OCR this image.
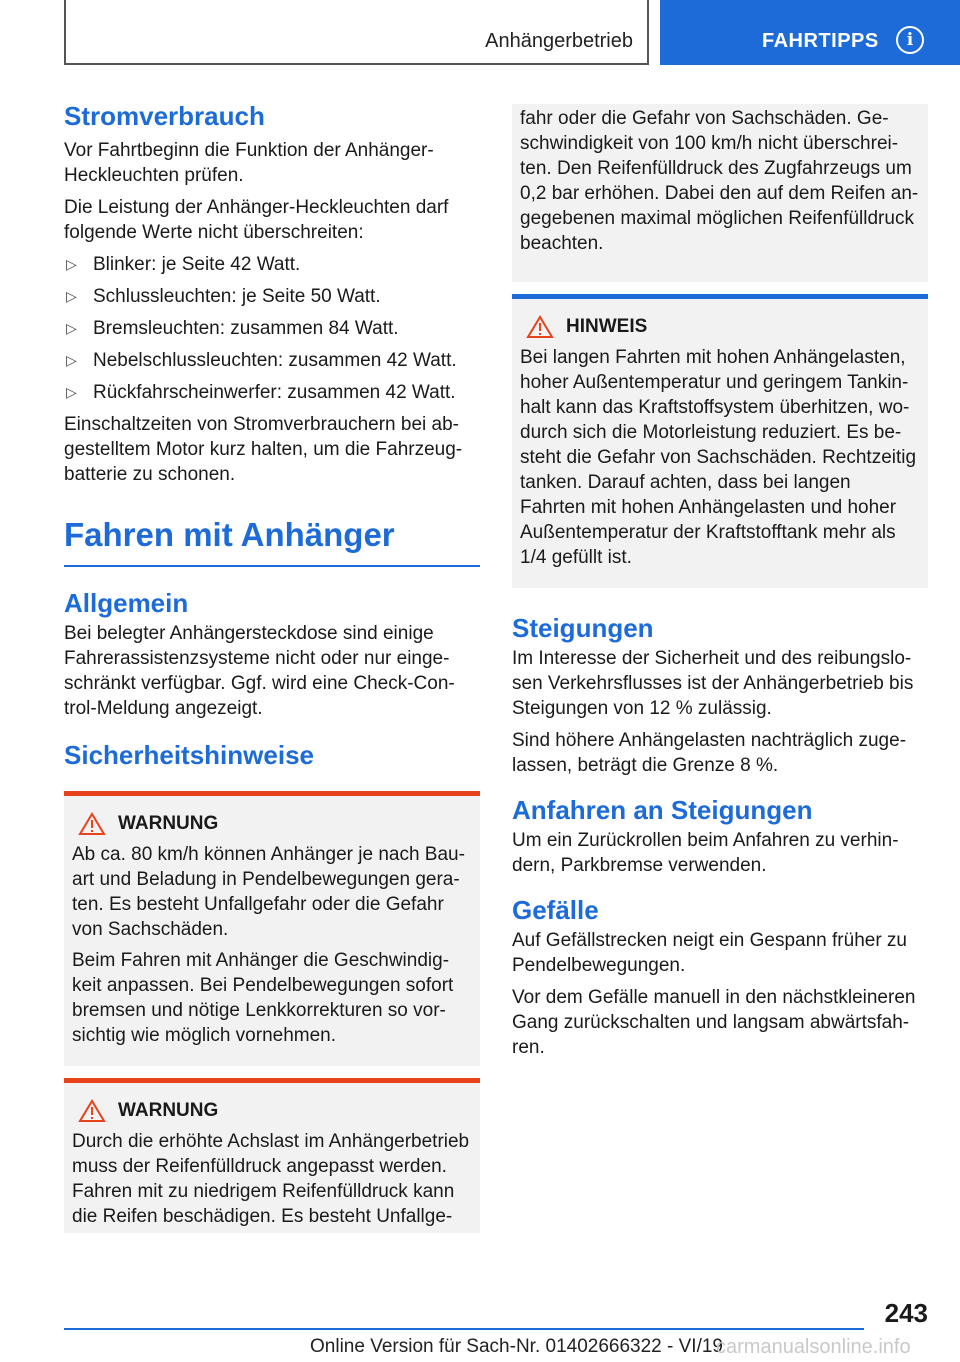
Anhängerbetrieb	FAHRTIPPS	i
Stromverbrauch

Vor Fahrtbeginn die Funktion der Anhänger-Heckleuchten prüfen.

Die Leistung der Anhänger-Heckleuchten darf folgende Werte nicht überschreiten:

▷ Blinker: je Seite 42 Watt.
▷ Schlussleuchten: je Seite 50 Watt.
▷ Bremsleuchten: zusammen 84 Watt.
▷ Nebelschlussleuchten: zusammen 42 Watt.
▷ Rückfahrscheinwerfer: zusammen 42 Watt.

Einschaltzeiten von Stromverbrauchern bei abgestelltem Motor kurz halten, um die Fahrzeugbatterie zu schonen.

Fahren mit Anhänger
Allgemein

Bei belegter Anhängersteckdose sind einige Fahrerassistenzsysteme nicht oder nur eingeschränkt verfügbar. Ggf. wird eine Check-Control-Meldung angezeigt.

Sicherheitshinweise
WARNUNG

Ab ca. 80 km/h können Anhänger je nach Bauart und Beladung in Pendelbewegungen geraten. Es besteht Unfallgefahr oder die Gefahr von Sachschäden.

Beim Fahren mit Anhänger die Geschwindigkeit anpassen. Bei Pendelbewegungen sofort bremsen und nötige Lenkkorrekturen so vorsichtig wie möglich vornehmen.

WARNUNG

Durch die erhöhte Achslast im Anhängerbetrieb muss der Reifenfülldruck angepasst werden. Fahren mit zu niedrigem Reifenfülldruck kann die Reifen beschädigen. Es besteht Unfallge-

fahr oder die Gefahr von Sachschäden. Geschwindigkeit von 100 km/h nicht überschreiten. Den Reifenfülldruck des Zugfahrzeugs um 0,2 bar erhöhen. Dabei den auf dem Reifen angegebenen maximal möglichen Reifenfülldruck beachten.

HINWEIS

Bei langen Fahrten mit hohen Anhängelasten, hoher Außentemperatur und geringem Tankinhalt kann das Kraftstoffsystem überhitzen, wodurch sich die Motorleistung reduziert. Es besteht die Gefahr von Sachschäden. Rechtzeitig tanken. Darauf achten, dass bei langen Fahrten mit hohen Anhängelasten und hoher Außentemperatur der Kraftstofftank mehr als 1/4 gefüllt ist.

Steigungen

Im Interesse der Sicherheit und des reibungslosen Verkehrsflusses ist der Anhängerbetrieb bis Steigungen von 12 % zulässig.

Sind höhere Anhängelasten nachträglich zugelassen, beträgt die Grenze 8 %.

Anfahren an Steigungen

Um ein Zurückrollen beim Anfahren zu verhindern, Parkbremse verwenden.

Gefälle

Auf Gefällstrecken neigt ein Gespann früher zu Pendelbewegungen.

Vor dem Gefälle manuell in den nächstkleineren Gang zurückschalten und langsam abwärtsfahren.

243
Online Version für Sach-Nr. 01402666322 - VI/19
carmanualsonline.info
